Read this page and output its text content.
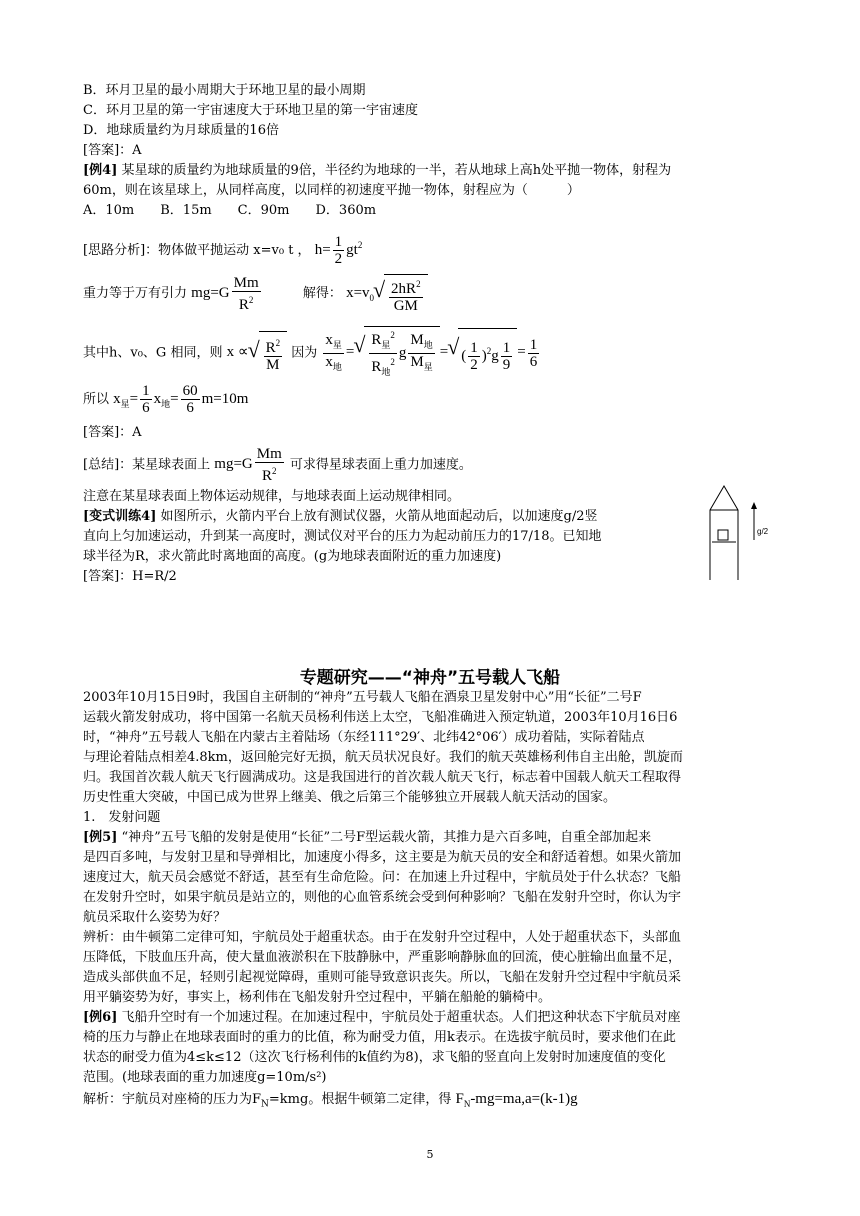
B．环月卫星的最小周期大于环地卫星的最小周期
C．环月卫星的第一宇宙速度大于环地卫星的第一宇宙速度
D．地球质量约为月球质量的16倍
[答案]：A
[例4] 某星球的质量约为地球质量的9倍，半径约为地球的一半，若从地球上高h处平抛一物体，射程为
60m，则在该星球上，从同样高度，以同样的初速度平抛一物体，射程应为（　　　）
A．10m　　B．15m　　C．90m　　D．360m
[思路分析]：物体做平抛运动 x=v₀ t ， $h= \frac{1}{2} gt^2$
重力等于万有引力 $mg=G \frac{Mm}{R^2}$	解得： $x=v_0$ √ $\frac{2hR^2}{GM}$
其中h、v₀、G 相同，则 x ∝ √ $\frac{R^2}{M}$ 因为 $\frac{x_星}{x_地}$ = √ $\frac{R_星^2}{R_地^2}$ g $\frac{M_地}{M_星}$ = √ ( $\frac{1}{2} )^2g \frac{1}{9} = \frac{1}{6}$
所以 $x_星= \frac{1}{6} x_地= \frac{60}{6} m=10m$
[答案]：A
[总结]：某星球表面上 $mg=G \frac{Mm}{R^2}$ 可求得星球表面上重力加速度。
注意在某星球表面上物体运动规律，与地球表面上运动规律相同。
[变式训练4] 如图所示，火箭内平台上放有测试仪器，火箭从地面起动后，以加速度g/2竖
直向上匀加速运动，升到某一高度时，测试仪对平台的压力为起动前压力的17/18。已知地
球半径为R，求火箭此时离地面的高度。(g为地球表面附近的重力加速度)
[答案]：H=R/2
g/2
专题研究——“神舟”五号载人飞船
2003年10月15日9时，我国自主研制的“神舟”五号载人飞船在酒泉卫星发射中心”用“长征”二号F
运载火箭发射成功，将中国第一名航天员杨利伟送上太空，飞船准确进入预定轨道，2003年10月16日6
时，“神舟”五号载人飞船在内蒙古主着陆场（东经111°29′、北纬42°06′）成功着陆，实际着陆点
与理论着陆点相差4.8km，返回舱完好无损，航天员状况良好。我们的航天英雄杨利伟自主出舱，凯旋而
归。我国首次载人航天飞行圆满成功。这是我国进行的首次载人航天飞行，标志着中国载人航天工程取得
历史性重大突破，中国已成为世界上继美、俄之后第三个能够独立开展载人航天活动的国家。
1.　发射问题
[例5] “神舟”五号飞船的发射是使用“长征”二号F型运载火箭，其推力是六百多吨，自重全部加起来
是四百多吨，与发射卫星和导弹相比，加速度小得多，这主要是为航天员的安全和舒适着想。如果火箭加
速度过大，航天员会感觉不舒适，甚至有生命危险。问：在加速上升过程中，宇航员处于什么状态？飞船
在发射升空时，如果宇航员是站立的，则他的心血管系统会受到何种影响？飞船在发射升空时，你认为宇
航员采取什么姿势为好？
辨析：由牛顿第二定律可知，宇航员处于超重状态。由于在发射升空过程中，人处于超重状态下，头部血
压降低，下肢血压升高，使大量血液淤积在下肢静脉中，严重影响静脉血的回流，使心脏输出血量不足，
造成头部供血不足，轻则引起视觉障碍，重则可能导致意识丧失。所以，飞船在发射升空过程中宇航员采
用平躺姿势为好，事实上，杨利伟在飞船发射升空过程中，平躺在船舱的躺椅中。
[例6] 飞船升空时有一个加速过程。在加速过程中，宇航员处于超重状态。人们把这种状态下宇航员对座
椅的压力与静止在地球表面时的重力的比值，称为耐受力值，用k表示。在选拔宇航员时，要求他们在此
状态的耐受力值为4≤k≤12（这次飞行杨利伟的k值约为8)，求飞船的竖直向上发射时加速度值的变化
范围。(地球表面的重力加速度g=10m/s²)
解析：宇航员对座椅的压力为$F_N=kmg$。根据牛顿第二定律，得 $F_N-mg=ma,a=(k-1)g$
5
